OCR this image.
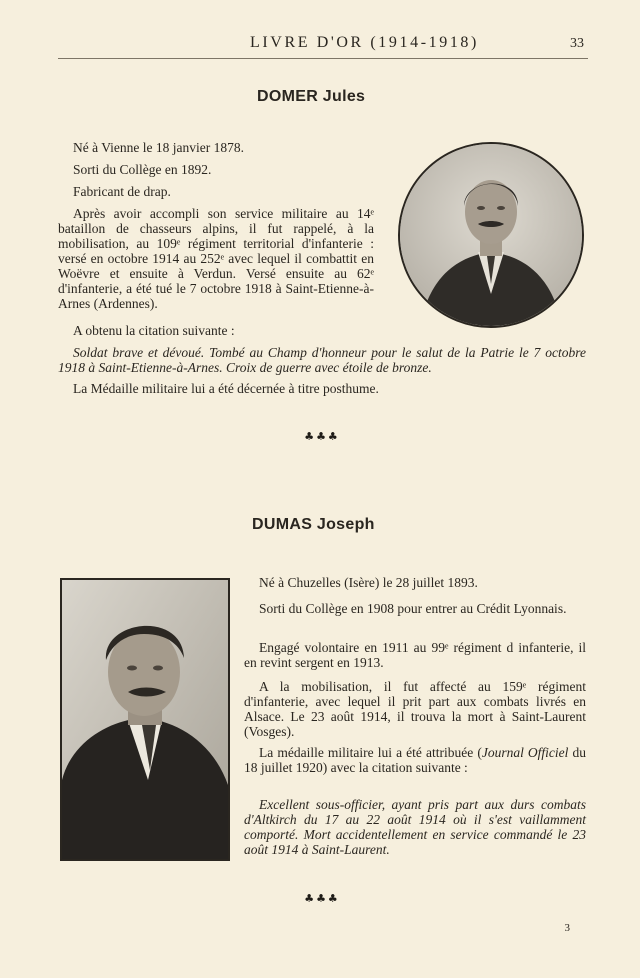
LIVRE D'OR (1914-1918)	33
DOMER Jules

Né à Vienne le 18 janvier 1878.

Sorti du Collège en 1892.

Fabricant de drap.

Après avoir accompli son service militaire au 14ᵉ bataillon de chasseurs alpins, il fut rappelé, à la mobilisation, au 109ᵉ régiment territorial d'infanterie : versé en octobre 1914 au 252ᵉ avec lequel il combattit en Woëvre et ensuite à Verdun. Versé ensuite au 62ᵉ d'infanterie, a été tué le 7 octobre 1918 à Saint-Etienne-à-Arnes (Ardennes).

A obtenu la citation suivante :

Soldat brave et dévoué. Tombé au Champ d'honneur pour le salut de la Patrie le 7 octobre 1918 à Saint-Etienne-à-Arnes. Croix de guerre avec étoile de bronze.

La Médaille militaire lui a été décernée à titre posthume.

♣♣♣
DUMAS Joseph

Né à Chuzelles (Isère) le 28 juillet 1893.

Sorti du Collège en 1908 pour entrer au Crédit Lyonnais.

Engagé volontaire en 1911 au 99ᵉ régiment d infanterie, il en revint sergent en 1913.

A la mobilisation, il fut affecté au 159ᵉ régiment d'infanterie, avec lequel il prit part aux combats livrés en Alsace. Le 23 août 1914, il trouva la mort à Saint-Laurent (Vosges).

La médaille militaire lui a été attribuée (Journal Officiel du 18 juillet 1920) avec la citation suivante :

Excellent sous-officier, ayant pris part aux durs combats d'Altkirch du 17 au 22 août 1914 où il s'est vaillamment comporté. Mort accidentellement en service commandé le 23 août 1914 à Saint-Laurent.

♣♣♣
3
